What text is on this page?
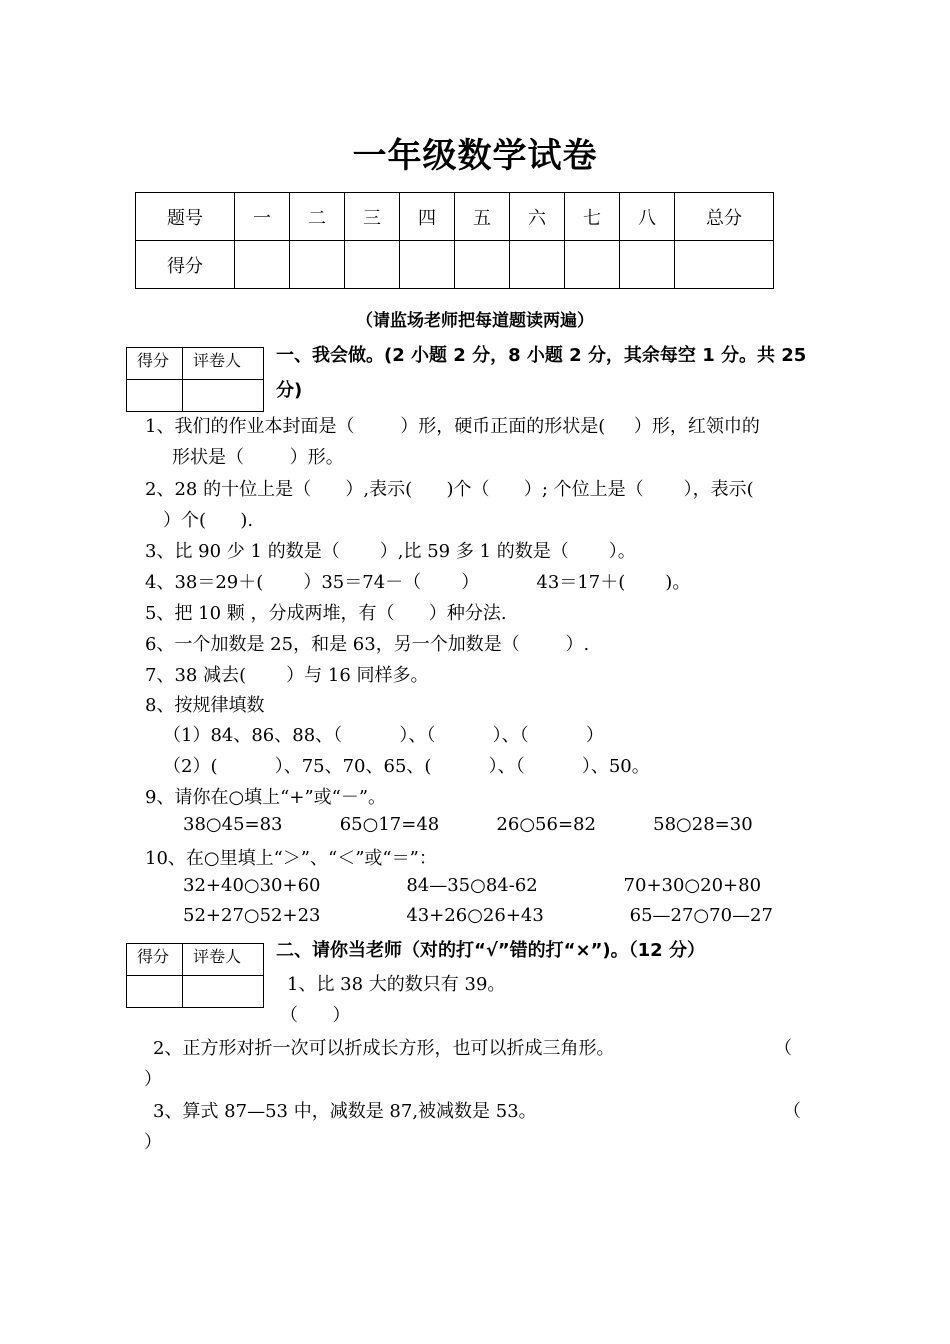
一年级数学试卷
题号	一	二	三	四	五	六	七	八	总分
得分									
（请监场老师把每道题读两遍）
得分	评卷人
	一、我会做。(2 小题 2 分，8 小题 2 分，其余每空 1 分。共 25
分)
1、我们的作业本封面是（        ）形，硬币正面的形状是(     ）形，红领巾的
形状是（        ）形。
2、28 的十位上是（      ）,表示(      )个（      ）; 个位上是（       ），表示(
）个(      ).
3、比 90 少 1 的数是（       ）,比 59 多 1 的数是（       ）。
4、38＝29＋(       ）35＝74－（       ）          43＝17＋(       )。
5、把 10 颗 ，分成两堆，有（      ）种分法.
6、一个加数是 25，和是 63，另一个加数是（        ）.
7、38 减去(       ）与 16 同样多。
8、按规律填数
（1）84、86、88、（          ）、（          ）、（          ）
（2）(          ）、75、70、65、(          ）、（          ）、50。
9、请你在○填上“+”或“－”。
38○45=83          65○17=48          26○56=82          58○28=30
10、在○里填上“＞”、“＜”或“＝”：
32+40○30+60               84—35○84-62               70+30○20+80
52+27○52+23               43+26○26+43               65—27○70—27
得分	评卷人
	二、请你当老师（对的打“√”错的打“×”)。（12 分）
1、比 38 大的数只有 39。
（      ）
2、正方形对折一次可以折成长方形，也可以折成三角形。	（
）
3、算式 87—53 中，减数是 87,被减数是 53。	（
）
